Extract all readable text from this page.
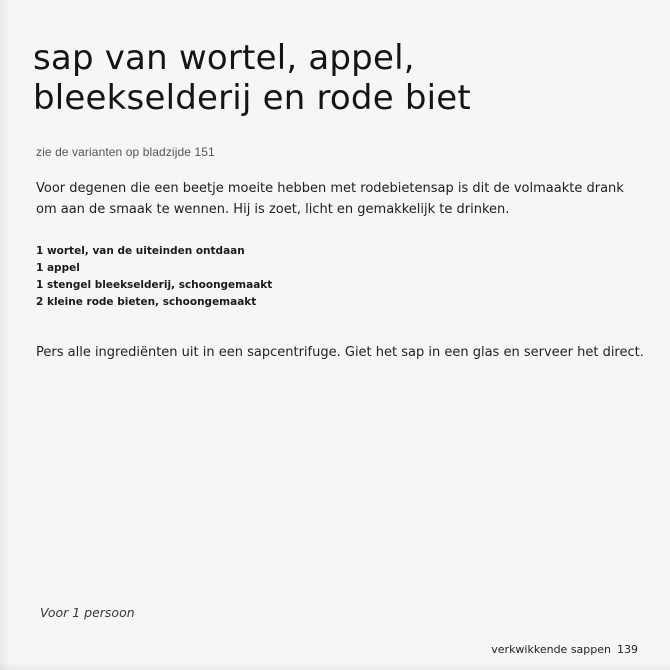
sap van wortel, appel,
bleekselderij en rode biet
zie de varianten op bladzijde 151

Voor degenen die een beetje moeite hebben met rodebietensap is dit de volmaakte drank
om aan de smaak te wennen. Hij is zoet, licht en gemakkelijk te drinken.

1 wortel, van de uiteinden ontdaan
1 appel
1 stengel bleekselderij, schoongemaakt
2 kleine rode bieten, schoongemaakt
Pers alle ingrediënten uit in een sapcentrifuge. Giet het sap in een glas en serveer het direct.
Voor 1 persoon
verkwikkende sappen 139
